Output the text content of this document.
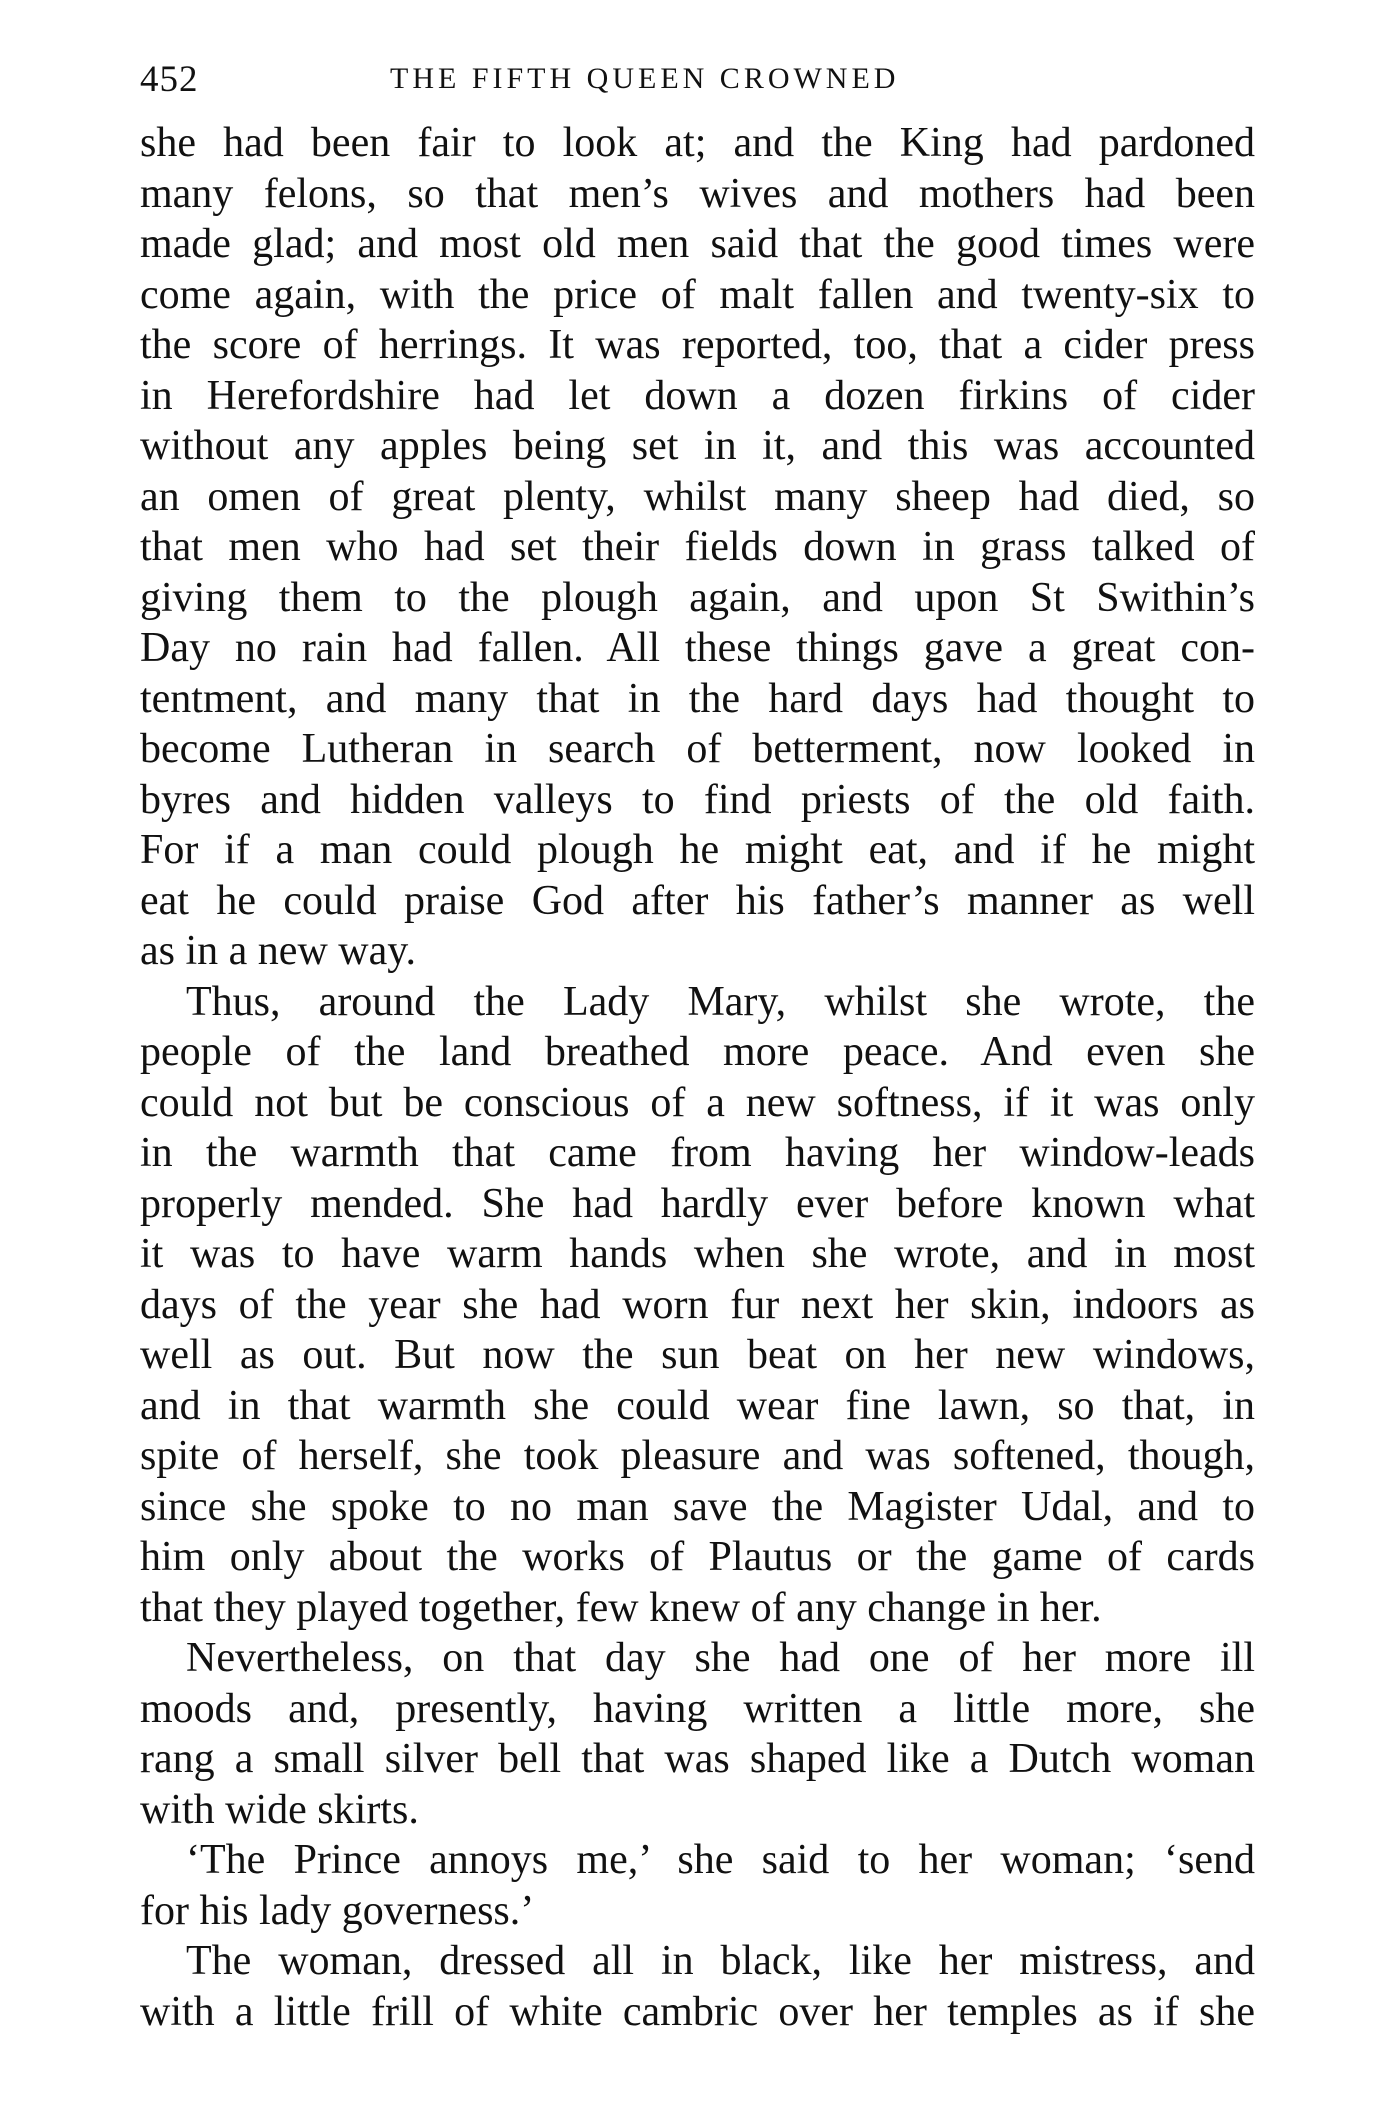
452	THE FIFTH QUEEN CROWNED
she had been fair to look at; and the King had pardoned
many felons, so that men’s wives and mothers had been
made glad; and most old men said that the good times were
come again, with the price of malt fallen and twenty-six to
the score of herrings. It was reported, too, that a cider press
in Herefordshire had let down a dozen firkins of cider
without any apples being set in it, and this was accounted
an omen of great plenty, whilst many sheep had died, so
that men who had set their fields down in grass talked of
giving them to the plough again, and upon St Swithin’s
Day no rain had fallen. All these things gave a great con-
tentment, and many that in the hard days had thought to
become Lutheran in search of betterment, now looked in
byres and hidden valleys to find priests of the old faith.
For if a man could plough he might eat, and if he might
eat he could praise God after his father’s manner as well
as in a new way.
Thus, around the Lady Mary, whilst she wrote, the
people of the land breathed more peace. And even she
could not but be conscious of a new softness, if it was only
in the warmth that came from having her window-leads
properly mended. She had hardly ever before known what
it was to have warm hands when she wrote, and in most
days of the year she had worn fur next her skin, indoors as
well as out. But now the sun beat on her new windows,
and in that warmth she could wear fine lawn, so that, in
spite of herself, she took pleasure and was softened, though,
since she spoke to no man save the Magister Udal, and to
him only about the works of Plautus or the game of cards
that they played together, few knew of any change in her.
Nevertheless, on that day she had one of her more ill
moods and, presently, having written a little more, she
rang a small silver bell that was shaped like a Dutch woman
with wide skirts.
‘The Prince annoys me,’ she said to her woman; ‘send
for his lady governess.’
The woman, dressed all in black, like her mistress, and
with a little frill of white cambric over her temples as if she
